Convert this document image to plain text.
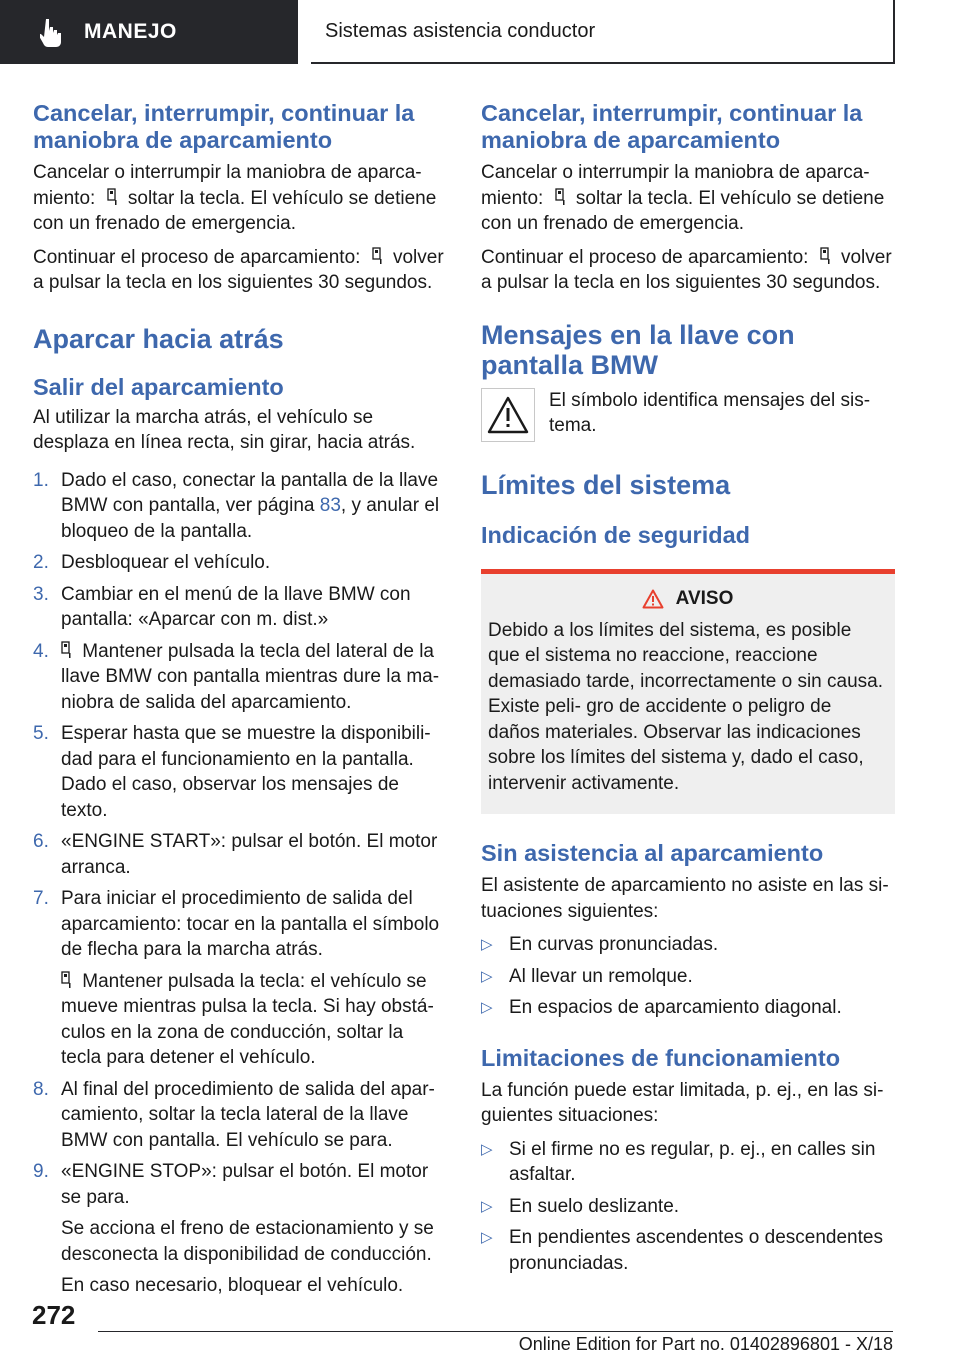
MANEJO	Sistemas asistencia conductor
Cancelar, interrumpir, continuar la maniobra de aparcamiento

Cancelar o interrumpir la maniobra de aparca‐ miento: soltar la tecla. El vehículo se detiene con un frenado de emergencia.

Continuar el proceso de aparcamiento: volver a pulsar la tecla en los siguientes 30 segundos.

Aparcar hacia atrás
Salir del aparcamiento

Al utilizar la marcha atrás, el vehículo se desplaza en línea recta, sin girar, hacia atrás.

1. Dado el caso, conectar la pantalla de la llave BMW con pantalla, ver página 83, y anular el bloqueo de la pantalla.
2. Desbloquear el vehículo.
3. Cambiar en el menú de la llave BMW con pantalla: «Aparcar con m. dist.»
4. Mantener pulsada la tecla del lateral de la llave BMW con pantalla mientras dure la ma‐ niobra de salida del aparcamiento.
5. Esperar hasta que se muestre la disponibili‐ dad para el funcionamiento en la pantalla. Dado el caso, observar los mensajes de texto.
6. «ENGINE START»: pulsar el botón. El motor arranca.
7. Para iniciar el procedimiento de salida del aparcamiento: tocar en la pantalla el símbolo de flecha para la marcha atrás.
Mantener pulsada la tecla: el vehículo se mueve mientras pulsa la tecla. Si hay obstá‐ culos en la zona de conducción, soltar la tecla para detener el vehículo.
8. Al final del procedimiento de salida del apar‐ camiento, soltar la tecla lateral de la llave BMW con pantalla. El vehículo se para.
9. «ENGINE STOP»: pulsar el botón. El motor se para.
Se acciona el freno de estacionamiento y se desconecta la disponibilidad de conducción.
En caso necesario, bloquear el vehículo.
Cancelar, interrumpir, continuar la maniobra de aparcamiento

Cancelar o interrumpir la maniobra de aparca‐ miento: soltar la tecla. El vehículo se detiene con un frenado de emergencia.

Continuar el proceso de aparcamiento: volver a pulsar la tecla en los siguientes 30 segundos.

Mensajes en la llave con pantalla BMW

El símbolo identifica mensajes del sis‐ tema.

Límites del sistema
Indicación de seguridad
AVISO

Debido a los límites del sistema, es posible que el sistema no reaccione, reaccione demasiado tarde, incorrectamente o sin causa. Existe peli‐ gro de accidente o peligro de daños materiales. Observar las indicaciones sobre los límites del sistema y, dado el caso, intervenir activamente.

Sin asistencia al aparcamiento

El asistente de aparcamiento no asiste en las si‐ tuaciones siguientes:

▷ En curvas pronunciadas.
▷ Al llevar un remolque.
▷ En espacios de aparcamiento diagonal.
Limitaciones de funcionamiento

La función puede estar limitada, p. ej., en las si‐ guientes situaciones:

▷ Si el firme no es regular, p. ej., en calles sin asfaltar.
▷ En suelo deslizante.
▷ En pendientes ascendentes o descendentes pronunciadas.
272
Online Edition for Part no. 01402896801 - X/18
